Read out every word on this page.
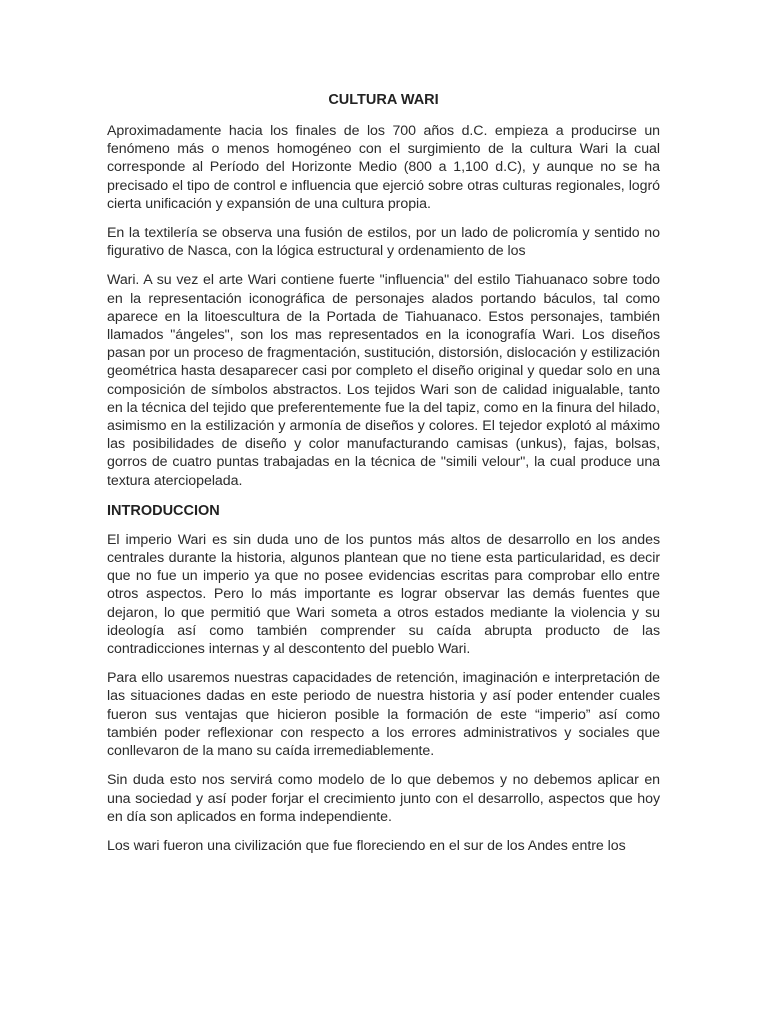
CULTURA WARI

Aproximadamente hacia los finales de los 700 años d.C. empieza a producirse un fenómeno más o menos homogéneo con el surgimiento de la cultura Wari la cual corresponde al Período del Horizonte Medio (800 a 1,100 d.C), y aunque no se ha precisado el tipo de control e influencia que ejerció sobre otras culturas regionales, logró cierta unificación y expansión de una cultura propia.

En la textilería se observa una fusión de estilos, por un lado de policromía y sentido no figurativo de Nasca, con la lógica estructural y ordenamiento de los

Wari. A su vez el arte Wari contiene fuerte "influencia" del estilo Tiahuanaco sobre todo en la representación iconográfica de personajes alados portando báculos, tal como aparece en la litoescultura de la Portada de Tiahuanaco. Estos personajes, también llamados "ángeles", son los mas representados en la iconografía Wari. Los diseños pasan por un proceso de fragmentación, sustitución, distorsión, dislocación y estilización geométrica hasta desaparecer casi por completo el diseño original y quedar solo en una composición de símbolos abstractos. Los tejidos Wari son de calidad inigualable, tanto en la técnica del tejido que preferentemente fue la del tapiz, como en la finura del hilado, asimismo en la estilización y armonía de diseños y colores. El tejedor explotó al máximo las posibilidades de diseño y color manufacturando camisas (unkus), fajas, bolsas, gorros de cuatro puntas trabajadas en la técnica de "simili velour", la cual produce una textura aterciopelada.

INTRODUCCION

El imperio Wari es sin duda uno de los puntos más altos de desarrollo en los andes centrales durante la historia, algunos plantean que no tiene esta particularidad, es decir que no fue un imperio ya que no posee evidencias escritas para comprobar ello entre otros aspectos. Pero lo más importante es lograr observar las demás fuentes que dejaron, lo que permitió que Wari someta a otros estados mediante la violencia y su ideología así como también comprender su caída abrupta producto de las contradicciones internas y al descontento del pueblo Wari.

Para ello usaremos nuestras capacidades de retención, imaginación e interpretación de las situaciones dadas en este periodo de nuestra historia y así poder entender cuales fueron sus ventajas que hicieron posible la formación de este “imperio” así como también poder reflexionar con respecto a los errores administrativos y sociales que conllevaron de la mano su caída irremediablemente.

Sin duda esto nos servirá como modelo de lo que debemos y no debemos aplicar en una sociedad y así poder forjar el crecimiento junto con el desarrollo, aspectos que hoy en día son aplicados en forma independiente.

Los wari fueron una civilización que fue floreciendo en el sur de los Andes entre los
